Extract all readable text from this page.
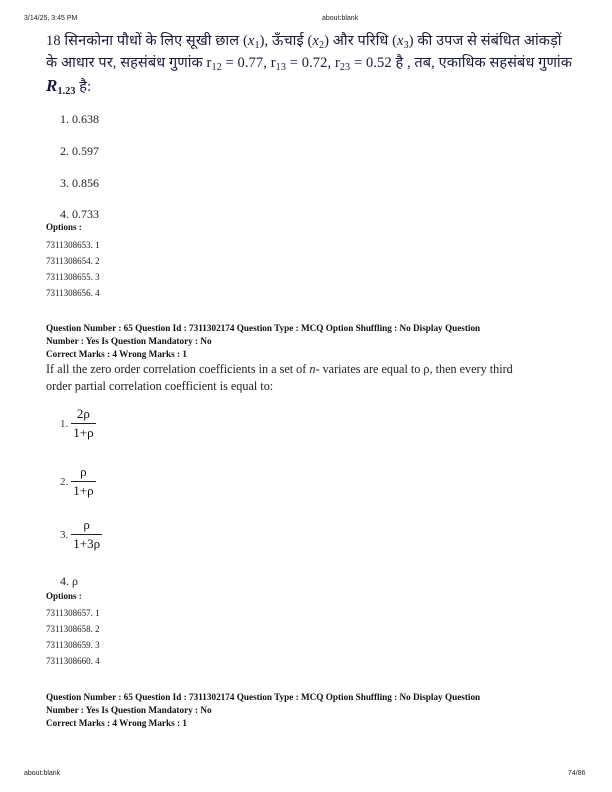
3/14/25, 3:45 PM	about:blank
18 सिनकोना पौधों के लिए सूखी छाल $(x_1)$, ऊँचाई $(x_2)$ और परिधि $(x_3)$ की उपज से संबंधित आंकड़ों
के आधार पर, सहसंबंध गुणांक $r_{12} = 0.77$, $r_{13} = 0.72$, $r_{23} = 0.52$ है , तब, एकाधिक सहसंबंध गुणांक
$R_{1.23}$ है:
1. 0.638
2. 0.597
3. 0.856
4. 0.733
Options :
7311308653. 1
7311308654. 2
7311308655. 3
7311308656. 4
Question Number : 65 Question Id : 7311302174 Question Type : MCQ Option Shuffling : No Display Question
Number : Yes Is Question Mandatory : No
Correct Marks : 4 Wrong Marks : 1
If all the zero order correlation coefficients in a set of n- variates are equal to ρ, then every third
order partial correlation coefficient is equal to:
1. $\frac{2\rho}{1+\rho}$
2. $\frac{\rho}{1+\rho}$
3. $\frac{\rho}{1+3\rho}$
4. ρ
Options :
7311308657. 1
7311308658. 2
7311308659. 3
7311308660. 4
Question Number : 65 Question Id : 7311302174 Question Type : MCQ Option Shuffling : No Display Question
Number : Yes Is Question Mandatory : No
Correct Marks : 4 Wrong Marks : 1
about:blank	74/86
